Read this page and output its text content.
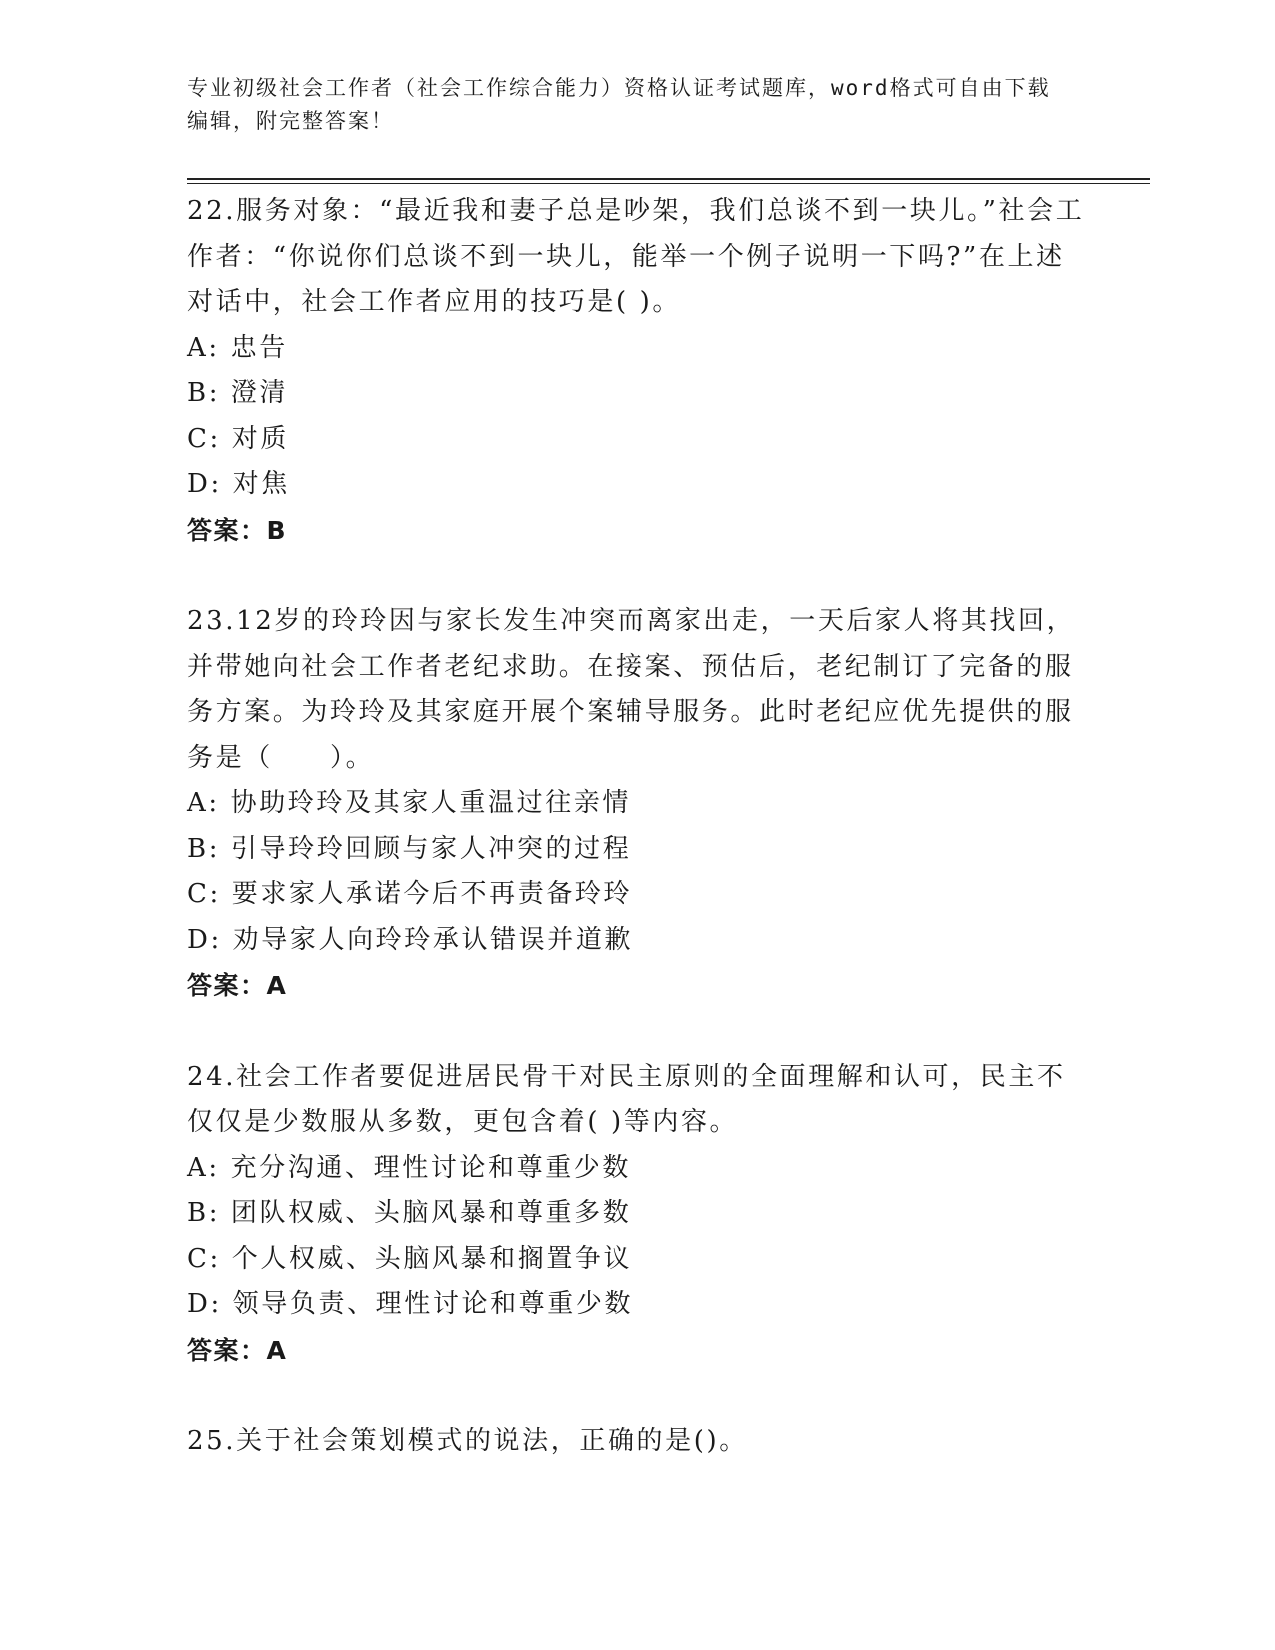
专业初级社会工作者（社会工作综合能力）资格认证考试题库，word格式可自由下载编辑，附完整答案！

22.服务对象：“最近我和妻子总是吵架，我们总谈不到一块儿。”社会工作者：“你说你们总谈不到一块儿，能举一个例子说明一下吗?”在上述对话中，社会工作者应用的技巧是( )。

A: 忠告

B: 澄清

C: 对质

D: 对焦

答案：B

23.12岁的玲玲因与家长发生冲突而离家出走，一天后家人将其找回，并带她向社会工作者老纪求助。在接案、预估后，老纪制订了完备的服务方案。为玲玲及其家庭开展个案辅导服务。此时老纪应优先提供的服务是（　　）。

A: 协助玲玲及其家人重温过往亲情

B: 引导玲玲回顾与家人冲突的过程

C: 要求家人承诺今后不再责备玲玲

D: 劝导家人向玲玲承认错误并道歉

答案：A

24.社会工作者要促进居民骨干对民主原则的全面理解和认可，民主不仅仅是少数服从多数，更包含着( )等内容。

A: 充分沟通、理性讨论和尊重少数

B: 团队权威、头脑风暴和尊重多数

C: 个人权威、头脑风暴和搁置争议

D: 领导负责、理性讨论和尊重少数

答案：A

25.关于社会策划模式的说法，正确的是()。
